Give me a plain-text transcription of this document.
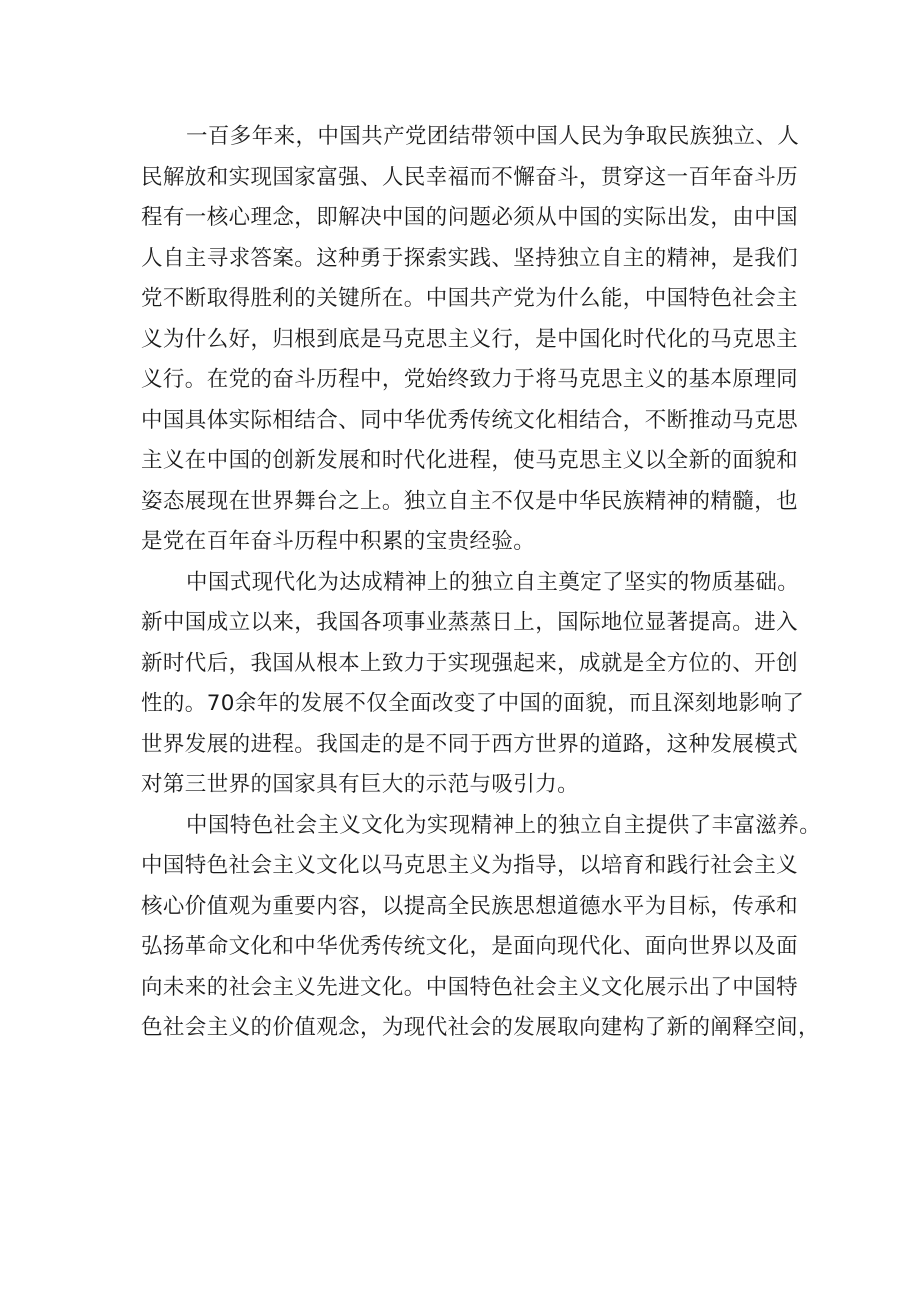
一百多年来，中国共产党团结带领中国人民为争取民族独立、人
民解放和实现国家富强、人民幸福而不懈奋斗，贯穿这一百年奋斗历
程有一核心理念，即解决中国的问题必须从中国的实际出发，由中国
人自主寻求答案。这种勇于探索实践、坚持独立自主的精神，是我们
党不断取得胜利的关键所在。中国共产党为什么能，中国特色社会主
义为什么好，归根到底是马克思主义行，是中国化时代化的马克思主
义行。在党的奋斗历程中，党始终致力于将马克思主义的基本原理同
中国具体实际相结合、同中华优秀传统文化相结合，不断推动马克思
主义在中国的创新发展和时代化进程，使马克思主义以全新的面貌和
姿态展现在世界舞台之上。独立自主不仅是中华民族精神的精髓，也
是党在百年奋斗历程中积累的宝贵经验。
中国式现代化为达成精神上的独立自主奠定了坚实的物质基础。
新中国成立以来，我国各项事业蒸蒸日上，国际地位显著提高。进入
新时代后，我国从根本上致力于实现强起来，成就是全方位的、开创
性的。70余年的发展不仅全面改变了中国的面貌，而且深刻地影响了
世界发展的进程。我国走的是不同于西方世界的道路，这种发展模式
对第三世界的国家具有巨大的示范与吸引力。
中国特色社会主义文化为实现精神上的独立自主提供了丰富滋养。
中国特色社会主义文化以马克思主义为指导，以培育和践行社会主义
核心价值观为重要内容，以提高全民族思想道德水平为目标，传承和
弘扬革命文化和中华优秀传统文化，是面向现代化、面向世界以及面
向未来的社会主义先进文化。中国特色社会主义文化展示出了中国特
色社会主义的价值观念，为现代社会的发展取向建构了新的阐释空间，
